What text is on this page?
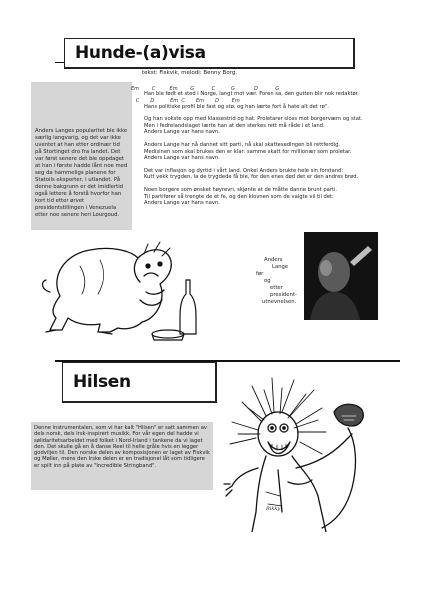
Hunde-(a)visa
tekst: Fiskvik, melodi: Benny Borg.

Anders Langes popularitet ble ikke særlig langvarig, og det var ikke uventet at han etter ordinær tid på Stortinget dro fra landet. Det var først senere det ble oppdaget at han i første hadde lånt noe med seg da hammeligs planene for Statoils eksporter, i utlandet. På denne bakgrunn er det imidlertid også lettere å forstå hvorfor han kort tid etter ørvet presidentstillingen i Venezuela etter noe senere heri Lourgoud.

Em        C         Em        G           C          G            D           G
Han ble født et sted i Norge, langt mot vær. Foren sa, den gutten blir nok redaktør.
C       D          Em  C       Em       D        Em
Hans politiske profil ble fast og stø, og han lærte fort å hate alt det rø".
Og han vokste opp med klassestrid og hat. Proletarer sloss mot borgerværn og stat.
Men i fedrelandslaget lærte han at den sterkes rett må råde i et land.
Anders Lange var hans navn.
Anders Lange har nå dannet sitt parti, nå skal skattesedingen bli rettferdig.
Medisinen som skal brukes den er klar: samme skatt for millionær som proletar.
Anders Lange var hans navn.
Det var inflasjon og dyrtid i vårt land. Onkel Anders brukte hele sin forstand:
Kutt vekk trygden, la de trygdede få ble, for den enes død det er den andres brød.
Noen borgere som ønsket høyrevri, skjønte at de måtte danne brunt parti.
Til partifører så trengte de et fe, og den klovnen som de valgte vil til det:
Anders Lange var hans navn.
Anders
Lange
før
og
etter
president-
utnevnelsen.
Hilsen

Denne instrumentalen, som vi har kalt "Hilsen" er satt sammen av dels norsk, dels Irsk-inspirert musikk. For vår egen del hadde vi sølidaritetsarbeidet med folket i Nord-Irland i tankene da vi laget den. Det skulle gå en å danse Reel til helle gråle hvis en legger godviljen til. Den norske delen av komposisjonen er laget av Fiskvik og Møller, mens den Irske delen er en tradisjonel låt som tidligere er spilt inn på plate av "Incredible Stringband".

Rikky
